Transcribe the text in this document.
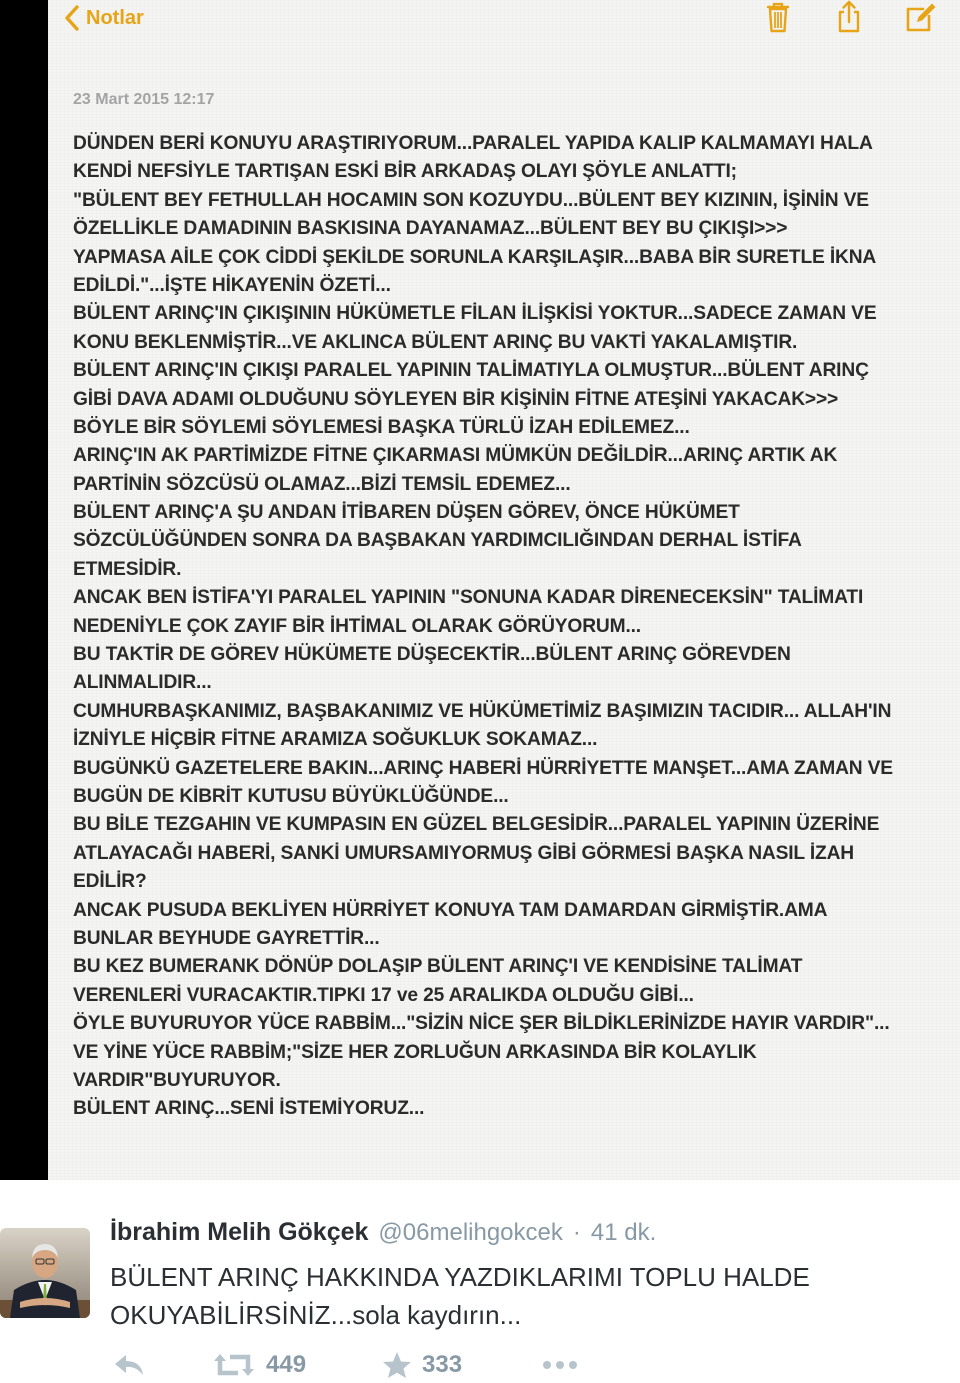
Notlar
23 Mart 2015 12:17
DÜNDEN BERİ KONUYU ARAŞTIRIYORUM...PARALEL YAPIDA KALIP KALMAMAYI HALA
KENDİ NEFSİYLE TARTIŞAN ESKİ BİR ARKADAŞ OLAYI ŞÖYLE ANLATTI;
"BÜLENT BEY FETHULLAH HOCAMIN SON KOZUYDU...BÜLENT BEY KIZININ, İŞİNİN VE
ÖZELLİKLE DAMADININ BASKISINA DAYANAMAZ...BÜLENT BEY BU ÇIKIŞI>>>
YAPMASA AİLE ÇOK CİDDİ ŞEKİLDE SORUNLA KARŞILAŞIR...BABA BİR SURETLE İKNA
EDİLDİ."...İŞTE HİKAYENİN ÖZETİ...
BÜLENT ARINÇ'IN ÇIKIŞININ HÜKÜMETLE FİLAN İLİŞKİSİ YOKTUR...SADECE ZAMAN VE
KONU BEKLENMİŞTİR...VE AKLINCA BÜLENT ARINÇ BU VAKTİ YAKALAMIŞTIR.
BÜLENT ARINÇ'IN ÇIKIŞI PARALEL YAPININ TALİMATIYLA OLMUŞTUR...BÜLENT ARINÇ
GİBİ DAVA ADAMI OLDUĞUNU SÖYLEYEN BİR KİŞİNİN FİTNE ATEŞİNİ YAKACAK>>>
BÖYLE BİR SÖYLEMİ SÖYLEMESİ BAŞKA TÜRLÜ İZAH EDİLEMEZ...
ARINÇ'IN AK PARTİMİZDE FİTNE ÇIKARMASI MÜMKÜN DEĞİLDİR...ARINÇ ARTIK AK
PARTİNİN SÖZCÜSÜ OLAMAZ...BİZİ TEMSİL EDEMEZ...
BÜLENT ARINÇ'A ŞU ANDAN İTİBAREN DÜŞEN GÖREV, ÖNCE HÜKÜMET
SÖZCÜLÜĞÜNDEN SONRA DA BAŞBAKAN YARDIMCILIĞINDAN DERHAL İSTİFA
ETMESİDİR.
ANCAK BEN İSTİFA'YI PARALEL YAPININ "SONUNA KADAR DİRENECEKSİN" TALİMATI
NEDENİYLE ÇOK ZAYIF BİR İHTİMAL OLARAK GÖRÜYORUM...
BU TAKTİR DE GÖREV HÜKÜMETE DÜŞECEKTİR...BÜLENT ARINÇ GÖREVDEN
ALINMALIDIR...
CUMHURBAŞKANIMIZ, BAŞBAKANIMIZ VE HÜKÜMETİMİZ BAŞIMIZIN TACIDIR... ALLAH'IN
İZNİYLE HİÇBİR FİTNE ARAMIZA SOĞUKLUK SOKAMAZ...
BUGÜNKÜ GAZETELERE BAKIN...ARINÇ HABERİ HÜRRİYETTE MANŞET...AMA ZAMAN VE
BUGÜN DE KİBRİT KUTUSU BÜYÜKLÜĞÜNDE...
BU BİLE TEZGAHIN VE KUMPASIN EN GÜZEL BELGESİDİR...PARALEL YAPININ ÜZERİNE
ATLAYACAĞI HABERİ, SANKİ UMURSAMIYORMUŞ GİBİ GÖRMESİ BAŞKA NASIL İZAH
EDİLİR?
ANCAK PUSUDA BEKLİYEN HÜRRİYET KONUYA TAM DAMARDAN GİRMİŞTİR.AMA
BUNLAR BEYHUDE GAYRETTİR...
BU KEZ BUMERANK DÖNÜP DOLAŞIP BÜLENT ARINÇ'I VE KENDİSİNE TALİMAT
VERENLERİ VURACAKTIR.TIPKI 17 ve 25 ARALIKDA OLDUĞU GİBİ...
ÖYLE BUYURUYOR YÜCE RABBİM..."SİZİN NİCE ŞER BİLDİKLERİNİZDE HAYIR VARDIR"...
VE YİNE YÜCE RABBİM;"SİZE HER ZORLUĞUN ARKASINDA BİR KOLAYLIK
VARDIR"BUYURUYOR.
BÜLENT ARINÇ...SENİ İSTEMİYORUZ...
İbrahim Melih Gökçek @06melihgokcek · 41 dk.
BÜLENT ARINÇ HAKKINDA YAZDIKLARIMI TOPLU HALDE
OKUYABİLİRSİNİZ...sola kaydırın...
449	333
